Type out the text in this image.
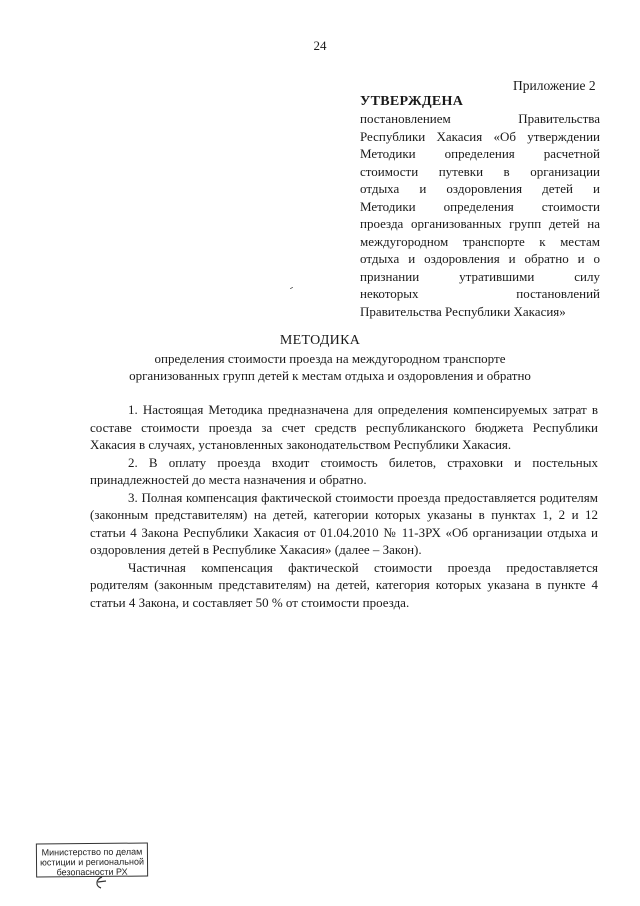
24
Приложение 2
УТВЕРЖДЕНА
постановлением Правительства
Республики Хакасия «Об утверждении
Методики определения расчетной
стоимости путевки в организации
отдыха и оздоровления детей и
Методики определения стоимости
проезда организованных групп детей на
междугородном транспорте к местам
отдыха и оздоровления и обратно и о
признании утратившими силу
некоторых постановлений
Правительства Республики Хакасия»
МЕТОДИКА
определения стоимости проезда на междугородном транспорте
организованных групп детей к местам отдыха и оздоровления и обратно

1. Настоящая Методика предназначена для определения компенсируемых затрат в составе стоимости проезда за счет средств республиканского бюджета Республики Хакасия в случаях, установленных законодательством Республики Хакасия.

2. В оплату проезда входит стоимость билетов, страховки и постельных принадлежностей до места назначения и обратно.

3. Полная компенсация фактической стоимости проезда предоставляется родителям (законным представителям) на детей, категории которых указаны в пунктах 1, 2 и 12 статьи 4 Закона Республики Хакасия от 01.04.2010 № 11-ЗРХ «Об организации отдыха и оздоровления детей в Республике Хакасия» (далее – Закон).

Частичная компенсация фактической стоимости проезда предоставляется родителям (законным представителям) на детей, категория которых указана в пункте 4 статьи 4 Закона, и составляет 50 % от стоимости проезда.

Министерство по делам
юстиции и региональной
безопасности РХ
